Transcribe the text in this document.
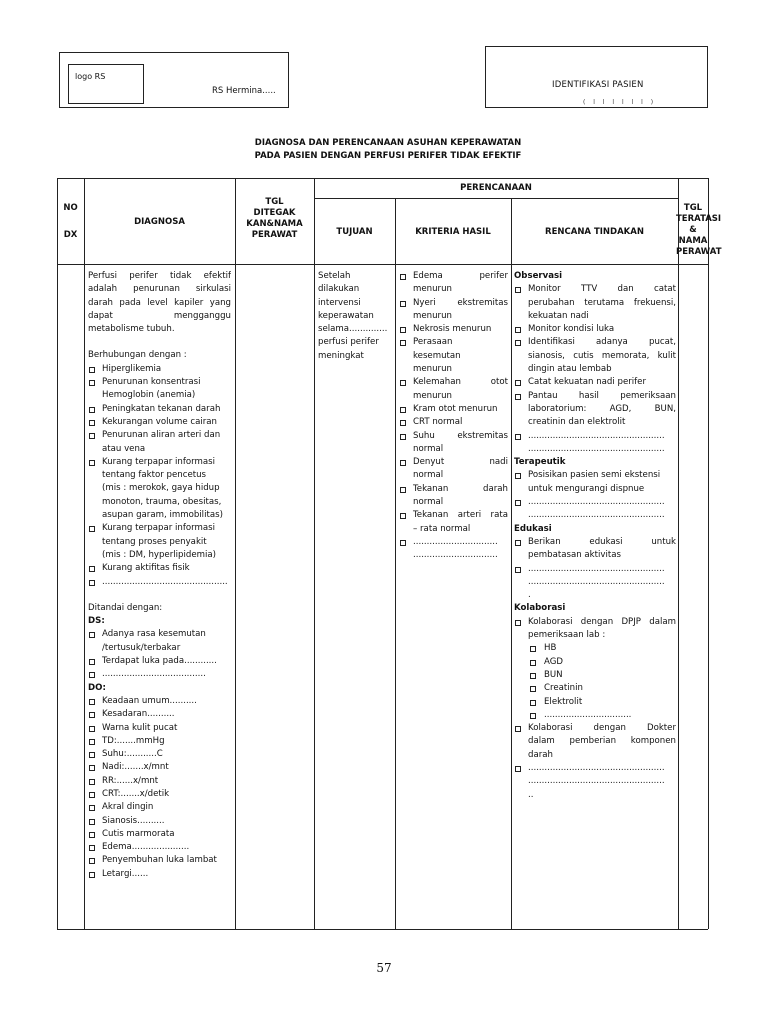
logo RS
RS Hermina.....
IDENTIFIKASI PASIEN
( l l l l l l )
DIAGNOSA DAN PERENCANAAN ASUHAN KEPERAWATAN
PADA PASIEN DENGAN PERFUSI PERIFER TIDAK EFEKTIF
NO
DX
DIAGNOSA
TGL
DITEGAK
KAN&NAMA
PERAWAT
PERENCANAAN
TUJUAN	KRITERIA HASIL	RENCANA TINDAKAN
TGL TERATASI
& NAMA
PERAWAT
Perfusi perifer tidak efektif
adalah penurunan sirkulasi
darah pada level kapiler yang
dapat mengganggu
metabolisme tubuh.
Berhubungan dengan :
Hiperglikemia
Penurunan konsentrasi
Hemoglobin (anemia)
Peningkatan tekanan darah
Kekurangan volume cairan
Penurunan aliran arteri dan
atau vena
Kurang terpapar informasi
tentang faktor pencetus
(mis : merokok, gaya hidup
monoton, trauma, obesitas,
asupan garam, immobilitas)
Kurang terpapar informasi
tentang proses penyakit
(mis : DM, hyperlipidemia)
Kurang aktifitas fisik
..............................................
Ditandai dengan:
DS:
Adanya rasa kesemutan
/tertusuk/terbakar
Terdapat luka pada............
......................................
DO:
Keadaan umum..........
Kesadaran..........
Warna kulit pucat
TD:.......mmHg
Suhu:...........C
Nadi:.......x/mnt
RR:......x/mnt
CRT:.......x/detik
Akral dingin
Sianosis..........
Cutis marmorata
Edema.....................
Penyembuhan luka lambat
Letargi......
Setelah
dilakukan
intervensi
keperawatan
selama..............
perfusi perifer
meningkat
Edema perifer
menurun
Nyeri ekstremitas
menurun
Nekrosis menurun
Perasaan
kesemutan
menurun
Kelemahan otot
menurun
Kram otot menurun
CRT normal
Suhu ekstremitas
normal
Denyut nadi
normal
Tekanan darah
normal
Tekanan arteri rata
– rata normal
...............................
...............................
Observasi
Monitor TTV dan catat
perubahan terutama frekuensi,
kekuatan nadi
Monitor kondisi luka
Identifikasi adanya pucat,
sianosis, cutis memorata, kulit
dingin atau lembab
Catat kekuatan nadi perifer
Pantau hasil pemeriksaan
laboratorium: AGD, BUN,
creatinin dan elektrolit
..................................................
..................................................
Terapeutik
Posisikan pasien semi ekstensi
untuk mengurangi dispnue
..................................................
..................................................
Edukasi
Berikan edukasi untuk
pembatasan aktivitas
..................................................
..................................................
.
Kolaborasi
Kolaborasi dengan DPJP dalam
pemeriksaan lab :
HB
AGD
BUN
Creatinin
Elektrolit
................................
Kolaborasi dengan Dokter
dalam pemberian komponen
darah
..................................................
..................................................
..
57
